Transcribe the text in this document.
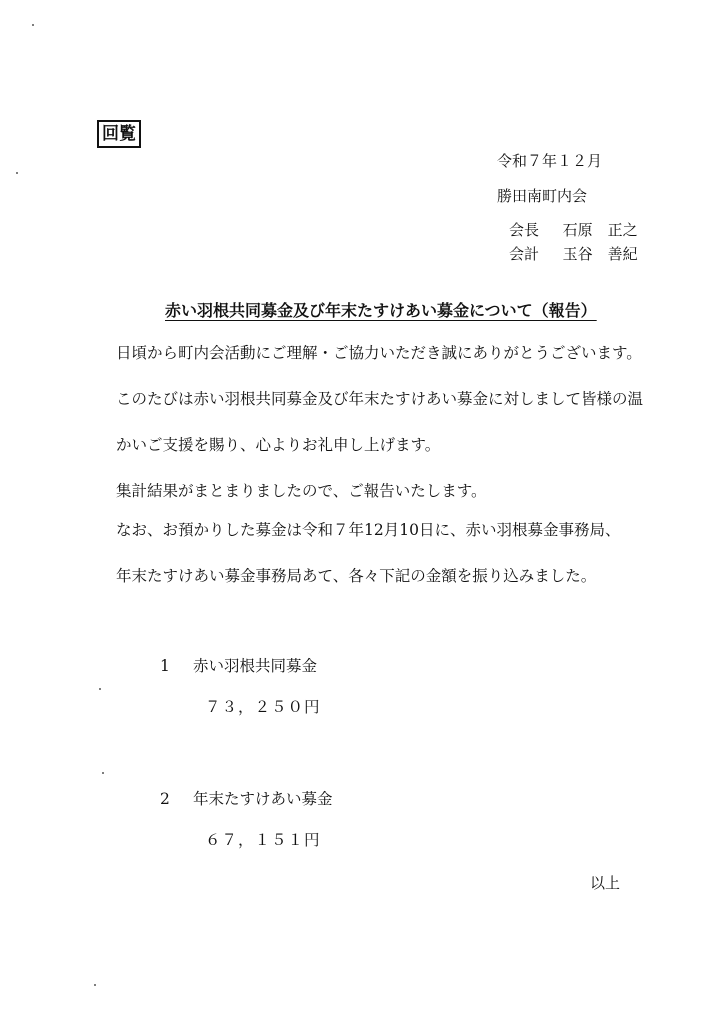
回覧
令和７年１２月
勝田南町内会
会長 石原　正之
会計 玉谷　善紀
赤い羽根共同募金及び年末たすけあい募金について（報告）
日頃から町内会活動にご理解・ご協力いただき誠にありがとうございます。
このたびは赤い羽根共同募金及び年末たすけあい募金に対しまして皆様の温
かいご支援を賜り、心よりお礼申し上げます。
集計結果がまとまりましたので、ご報告いたします。
なお、お預かりした募金は令和７年12月10日に、赤い羽根募金事務局、
年末たすけあい募金事務局あて、各々下記の金額を振り込みました。
1 赤い羽根共同募金
７３，２５０円
2 年末たすけあい募金
６７，１５１円
以上
